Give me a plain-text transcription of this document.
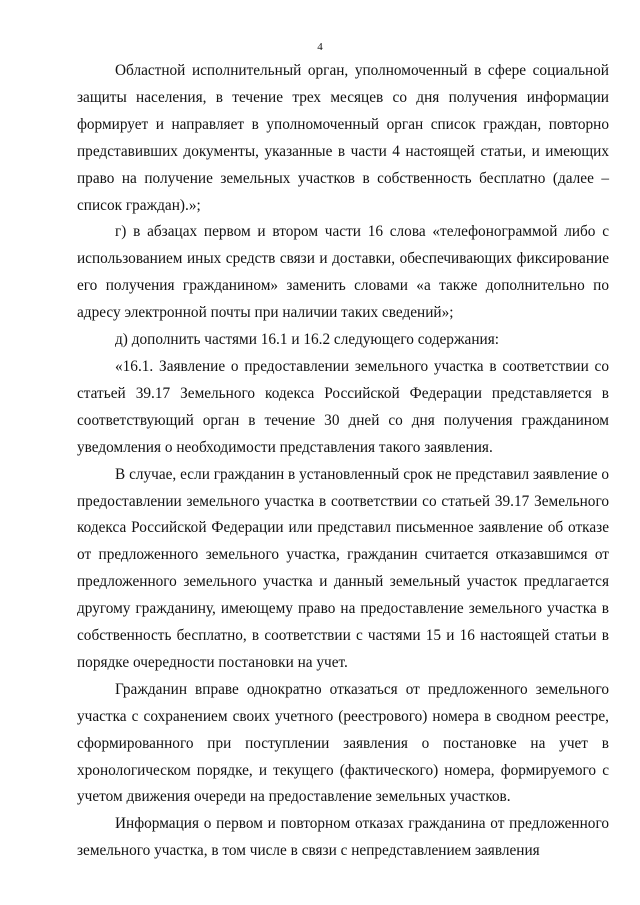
4

Областной исполнительный орган, уполномоченный в сфере социальной защиты населения, в течение трех месяцев со дня получения информации формирует и направляет в уполномоченный орган список граждан, повторно представивших документы, указанные в части 4 настоящей статьи, и имеющих право на получение земельных участков в собственность бесплатно (далее – список граждан).»;

г) в абзацах первом и втором части 16 слова «телефонограммой либо с использованием иных средств связи и доставки, обеспечивающих фиксирование его получения гражданином» заменить словами «а также дополнительно по адресу электронной почты при наличии таких сведений»;

д) дополнить частями 16.1 и 16.2 следующего содержания:

«16.1. Заявление о предоставлении земельного участка в соответствии со статьей 39.17 Земельного кодекса Российской Федерации представляется в соответствующий орган в течение 30 дней со дня получения гражданином уведомления о необходимости представления такого заявления.

В случае, если гражданин в установленный срок не представил заявление о предоставлении земельного участка в соответствии со статьей 39.17 Земельного кодекса Российской Федерации или представил письменное заявление об отказе от предложенного земельного участка, гражданин считается отказавшимся от предложенного земельного участка и данный земельный участок предлагается другому гражданину, имеющему право на предоставление земельного участка в собственность бесплатно, в соответствии с частями 15 и 16 настоящей статьи в порядке очередности постановки на учет.

Гражданин вправе однократно отказаться от предложенного земельного участка с сохранением своих учетного (реестрового) номера в сводном реестре, сформированного при поступлении заявления о постановке на учет в хронологическом порядке, и текущего (фактического) номера, формируемого с учетом движения очереди на предоставление земельных участков.

Информация о первом и повторном отказах гражданина от предложенного земельного участка, в том числе в связи с непредставлением заявления
